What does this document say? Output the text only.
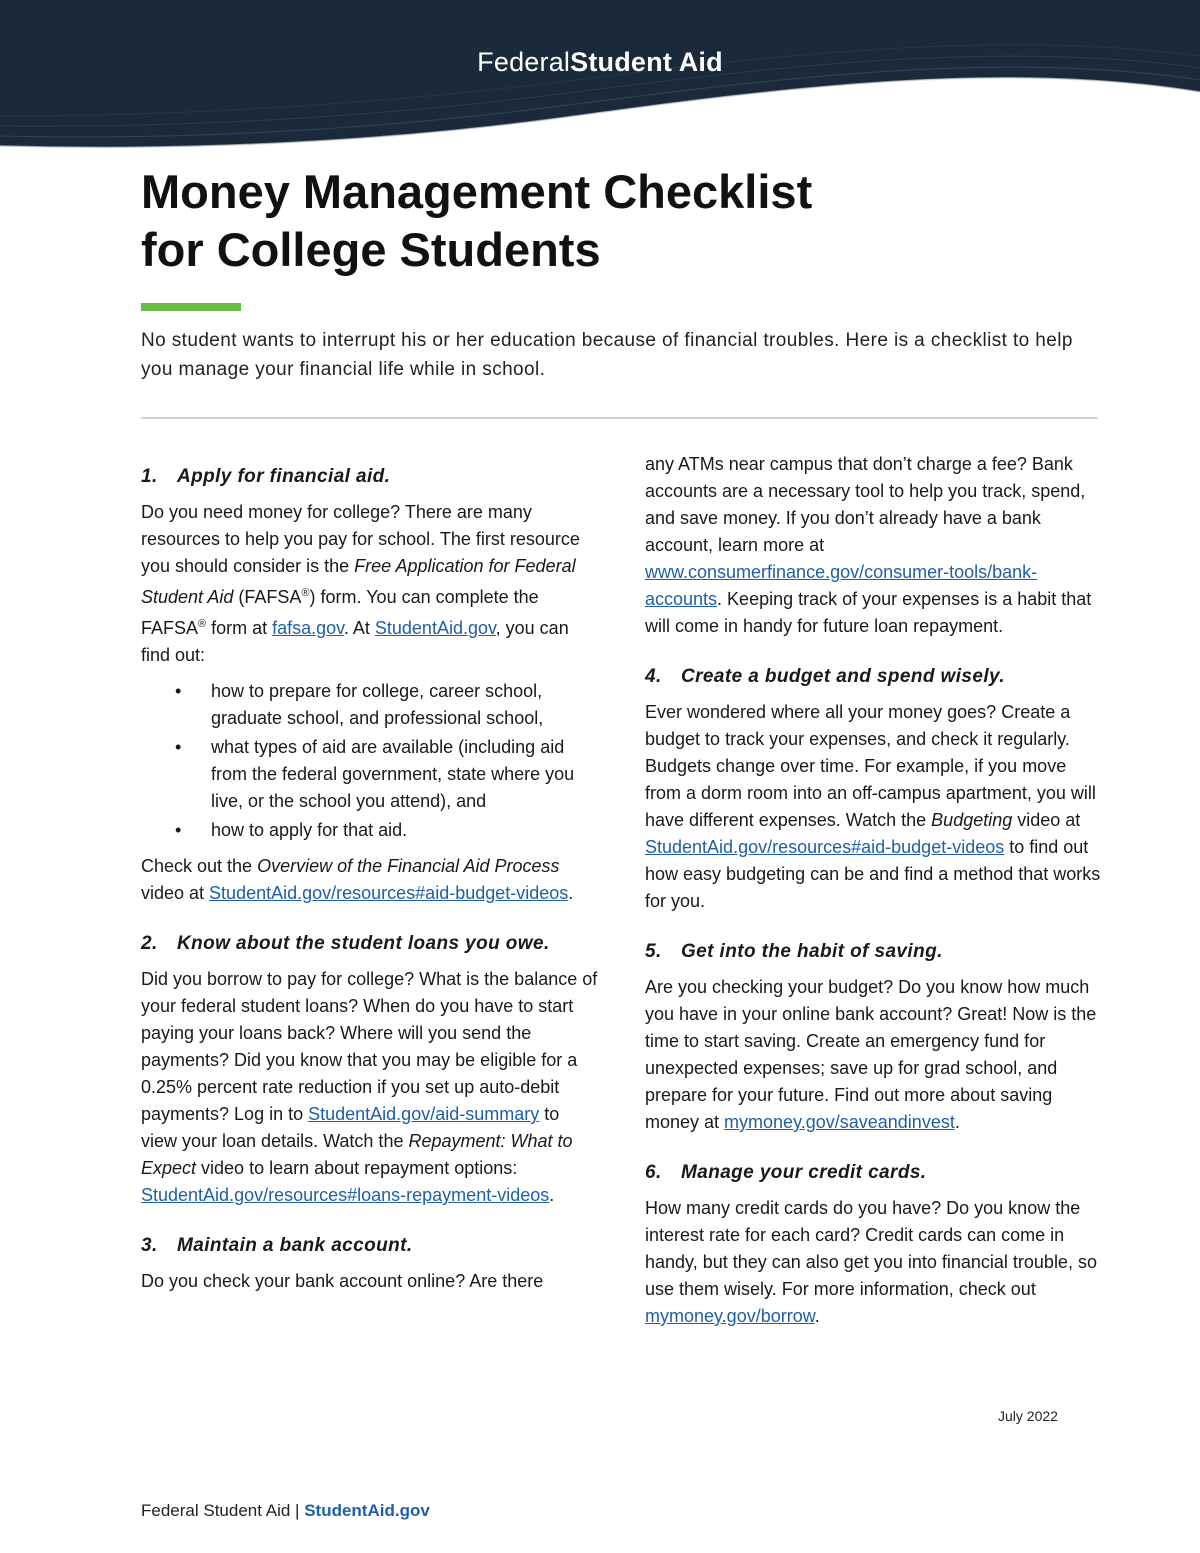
FederalStudent Aid
Money Management Checklist
for College Students

No student wants to interrupt his or her education because of financial troubles. Here is a checklist to help you manage your financial life while in school.

1. Apply for financial aid.

Do you need money for college? There are many resources to help you pay for school. The first resource you should consider is the Free Application for Federal Student Aid (FAFSA®) form. You can complete the FAFSA® form at fafsa.gov. At StudentAid.gov, you can find out:

• how to prepare for college, career school, graduate school, and professional school,
• what types of aid are available (including aid from the federal government, state where you live, or the school you attend), and
• how to apply for that aid.

Check out the Overview of the Financial Aid Process video at StudentAid.gov/resources#aid-budget-videos.

2. Know about the student loans you owe.

Did you borrow to pay for college? What is the balance of your federal student loans? When do you have to start paying your loans back? Where will you send the payments? Did you know that you may be eligible for a 0.25% percent rate reduction if you set up auto-debit payments? Log in to StudentAid.gov/aid-summary to view your loan details. Watch the Repayment: What to Expect video to learn about repayment options: StudentAid.gov/resources#loans-repayment-videos.

3. Maintain a bank account.

Do you check your bank account online? Are there

any ATMs near campus that don’t charge a fee? Bank accounts are a necessary tool to help you track, spend, and save money. If you don’t already have a bank account, learn more at www.consumerfinance.gov/consumer-tools/bank-accounts. Keeping track of your expenses is a habit that will come in handy for future loan repayment.

4. Create a budget and spend wisely.

Ever wondered where all your money goes? Create a budget to track your expenses, and check it regularly. Budgets change over time. For example, if you move from a dorm room into an off-campus apartment, you will have different expenses. Watch the Budgeting video at StudentAid.gov/resources#aid-budget-videos to find out how easy budgeting can be and find a method that works for you.

5. Get into the habit of saving.

Are you checking your budget? Do you know how much you have in your online bank account? Great! Now is the time to start saving. Create an emergency fund for unexpected expenses; save up for grad school, and prepare for your future. Find out more about saving money at mymoney.gov/saveandinvest.

6. Manage your credit cards.

How many credit cards do you have? Do you know the interest rate for each card? Credit cards can come in handy, but they can also get you into financial trouble, so use them wisely. For more information, check out mymoney.gov/borrow.

July 2022
Federal Student Aid | StudentAid.gov
